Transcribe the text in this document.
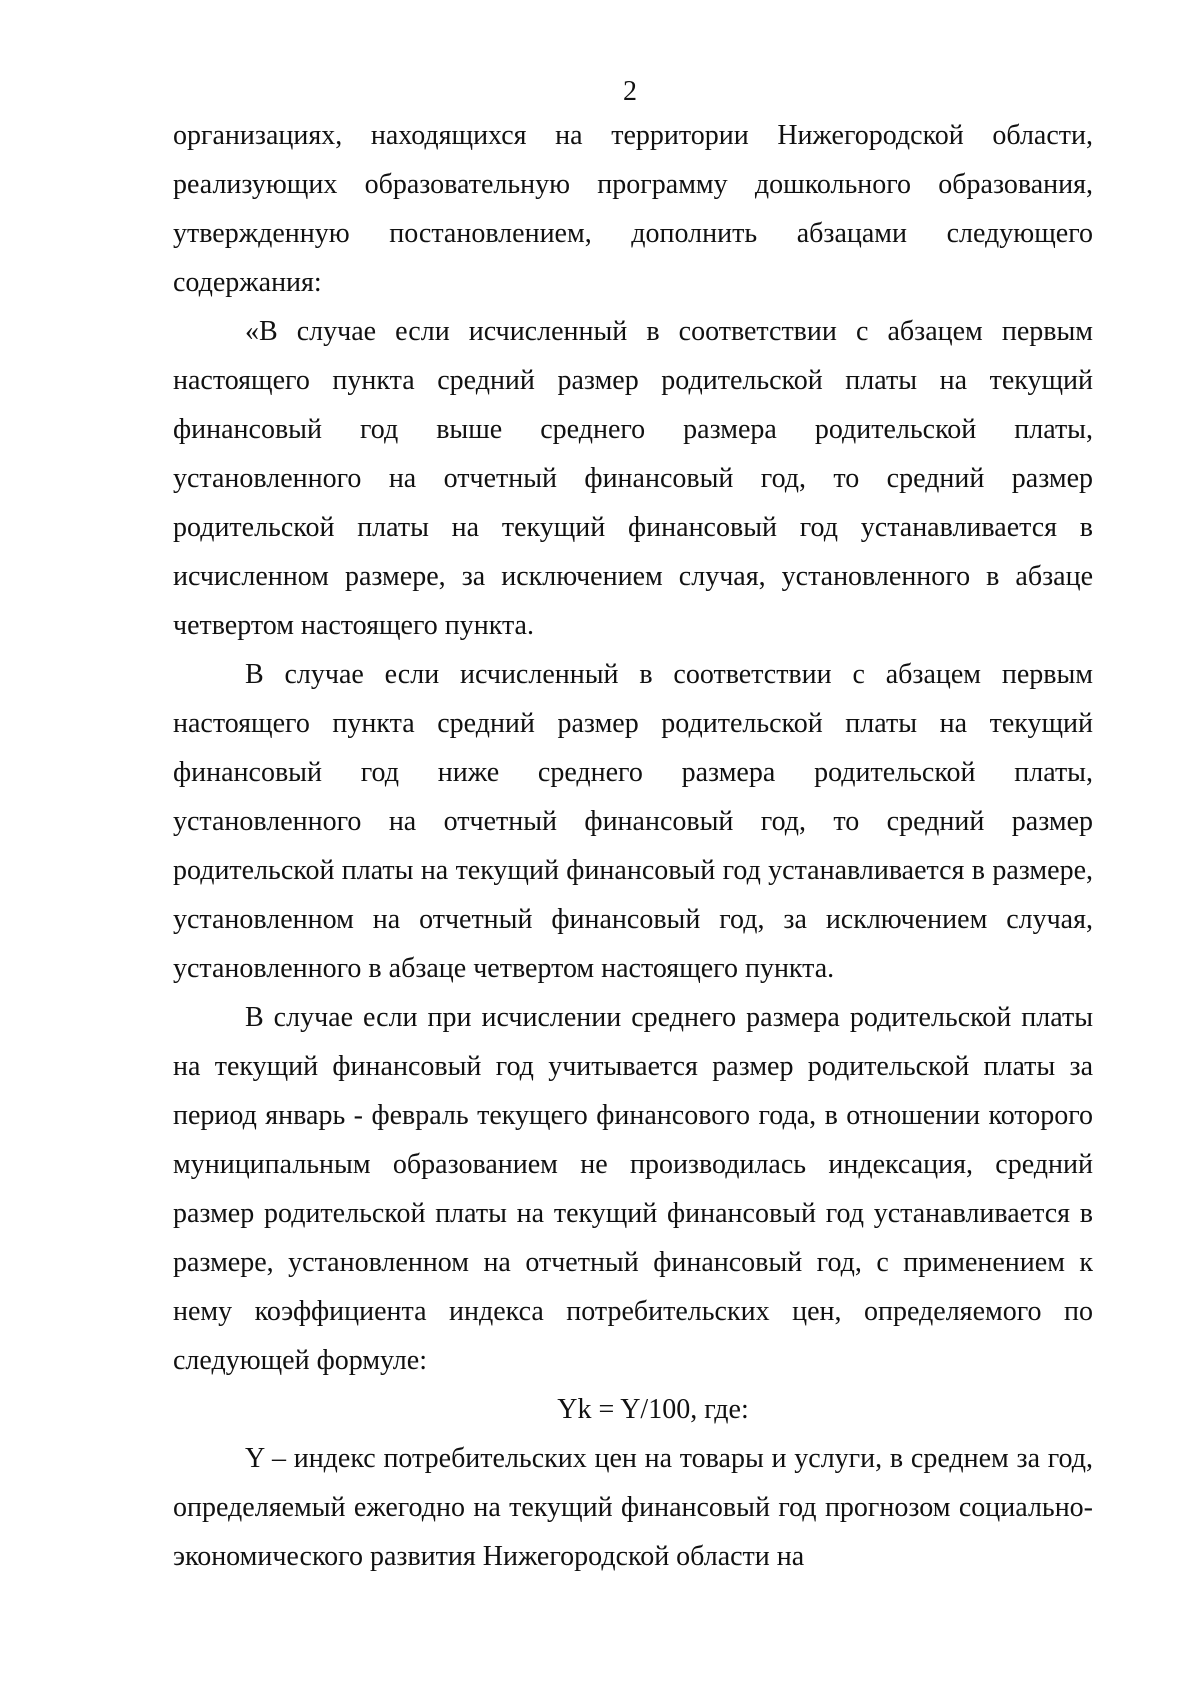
2

организациях, находящихся на территории Нижегородской области, реализующих образовательную программу дошкольного образования, утвержденную постановлением, дополнить абзацами следующего содержания:

«В случае если исчисленный в соответствии с абзацем первым настоящего пункта средний размер родительской платы на текущий финансовый год выше среднего размера родительской платы, установленного на отчетный финансовый год, то средний размер родительской платы на текущий финансовый год устанавливается в исчисленном размере, за исключением случая, установленного в абзаце четвертом настоящего пункта.

В случае если исчисленный в соответствии с абзацем первым настоящего пункта средний размер родительской платы на текущий финансовый год ниже среднего размера родительской платы, установленного на отчетный финансовый год, то средний размер родительской платы на текущий финансовый год устанавливается в размере, установленном на отчетный финансовый год, за исключением случая, установленного в абзаце четвертом настоящего пункта.

В случае если при исчислении среднего размера родительской платы на текущий финансовый год учитывается размер родительской платы за период январь - февраль текущего финансового года, в отношении которого муниципальным образованием не производилась индексация, средний размер родительской платы на текущий финансовый год устанавливается в размере, установленном на отчетный финансовый год, с применением к нему коэффициента индекса потребительских цен, определяемого по следующей формуле:

Yk = Y/100, где:

Y – индекс потребительских цен на товары и услуги, в среднем за год, определяемый ежегодно на текущий финансовый год прогнозом социально-экономического развития Нижегородской области на
